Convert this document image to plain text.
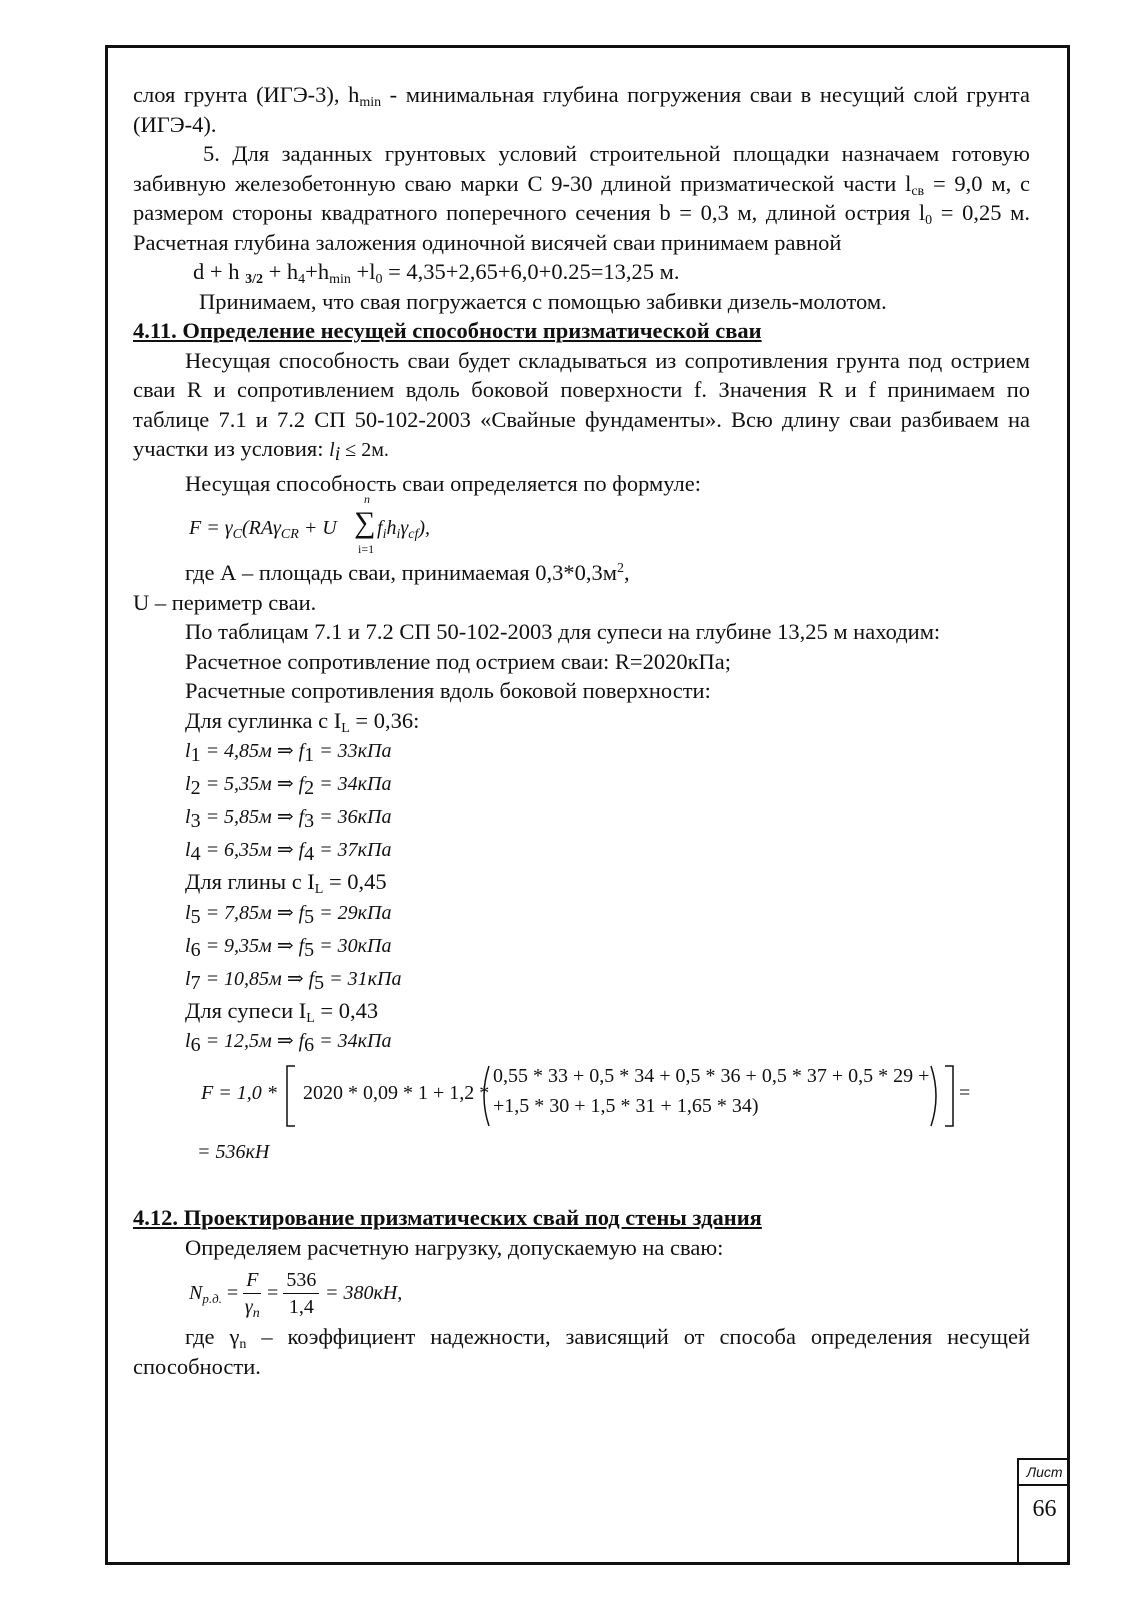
слоя грунта (ИГЭ-3), $h_{min}$ - минимальная глубина погружения сваи в несущий слой грунта (ИГЭ-4).

5. Для заданных грунтовых условий строительной площадки назначаем готовую забивную железобетонную сваю марки С 9-30 длиной призматической части $l_{св} = 9,0$ м, с размером стороны квадратного поперечного сечения b = 0,3 м, длиной острия $l_0 = 0,25$ м. Расчетная глубина заложения одиночной висячей сваи принимаем равной

d + h $_{3/2} + h_4+h_{min} +l_0 = 4,35+2,65+6,0+0.25=13,25$ м.

Принимаем, что свая погружается с помощью забивки дизель-молотом.

4.11. Определение несущей способности призматической сваи

Несущая способность сваи будет складываться из сопротивления грунта под острием сваи R и сопротивлением вдоль боковой поверхности f. Значения R и f принимаем по таблице 7.1 и 7.2 СП 50-102-2003 «Свайные фундаменты». Всю длину сваи разбиваем на участки из условия: $l_i \le 2м$.

Несущая способность сваи определяется по формуле:

$F = \gamma_C(RA\gamma_{CR} + U$ ∑
n
i=1
$f_ih_i\gamma_{cf}$),

где А – площадь сваи, принимаемая $0,3*0,3м^2$,

U – периметр сваи.

По таблицам 7.1 и 7.2 СП 50-102-2003 для супеси на глубине 13,25 м находим:

Расчетное сопротивление под острием сваи: R=2020кПа;

Расчетные сопротивления вдоль боковой поверхности:

Для суглинка с $I_L = 0,36$:

$l_1 = 4,85м$ ⇒ $f_1 = 33кПа$
$l_2 = 5,35м$ ⇒ $f_2 = 34кПа$
$l_3 = 5,85м$ ⇒ $f_3 = 36кПа$
$l_4 = 6,35м$ ⇒ $f_4 = 37кПа$

Для глины с $I_L = 0,45$

$l_5 = 7,85м$ ⇒ $f_5 = 29кПа$
$l_6 = 9,35м$ ⇒ $f_5 = 30кПа$
$l_7 = 10,85м$ ⇒ $f_5 = 31кПа$

Для супеси $I_L = 0,43$

$l_6 = 12,5м$ ⇒ $f_6 = 34кПа$
F = 1,0 * 2020 * 0,09 * 1 + 1,2 *
0,55 * 33 + 0,5 * 34 + 0,5 * 36 + 0,5 * 37 + 0,5 * 29 +
+1,5 * 30 + 1,5 * 31 + 1,65 * 34)
=
= 536кН

4.12. Проектирование призматических свай под стены здания

Определяем расчетную нагрузку, допускаемую на сваю:

$N_{р.д.} = \frac{F}{\gamma_n} = \frac{536}{1,4} = 380кН$,

где $\gamma_n$ – коэффициент надежности, зависящий от способа определения несущей способности.

Лист
66
